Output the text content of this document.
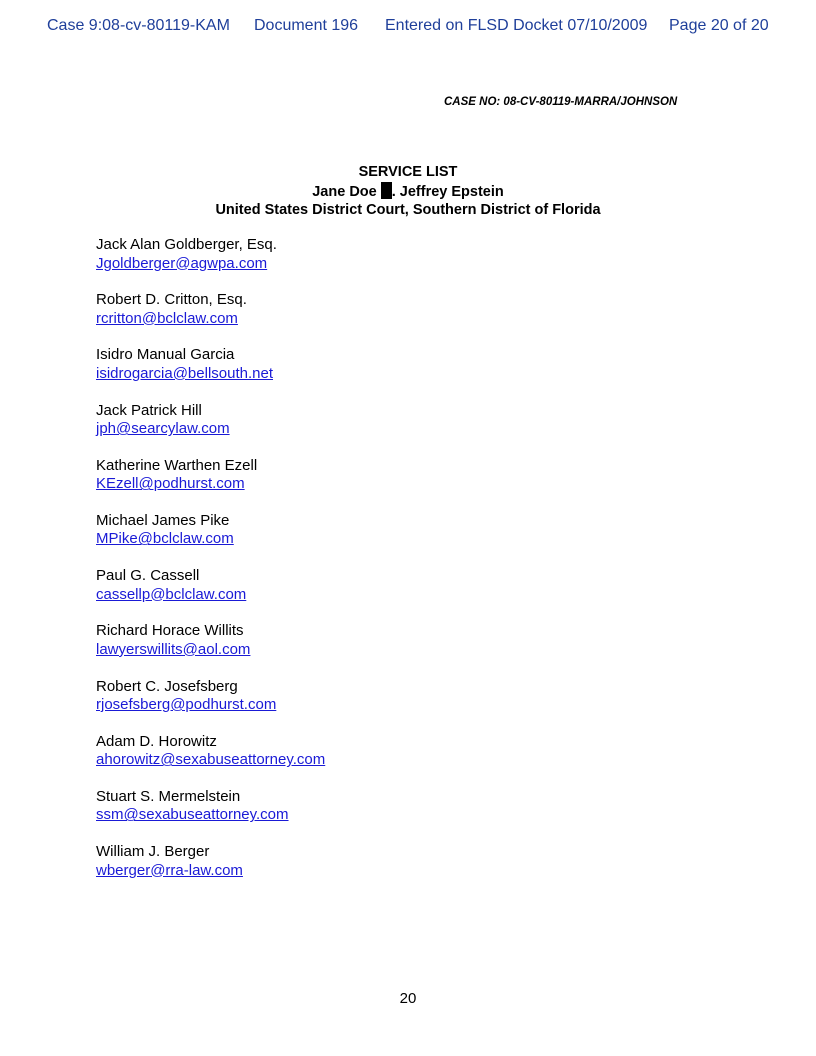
Case 9:08-cv-80119-KAM Document 196 Entered on FLSD Docket 07/10/2009 Page 20 of 20
CASE NO: 08-CV-80119-MARRA/JOHNSON
SERVICE LIST
Jane Doe . Jeffrey Epstein
United States District Court, Southern District of Florida
Jack Alan Goldberger, Esq.
Jgoldberger@agwpa.com
Robert D. Critton, Esq.
rcritton@bclclaw.com
Isidro Manual Garcia
isidrogarcia@bellsouth.net
Jack Patrick Hill
jph@searcylaw.com
Katherine Warthen Ezell
KEzell@podhurst.com
Michael James Pike
MPike@bclclaw.com
Paul G. Cassell
cassellp@bclclaw.com
Richard Horace Willits
lawyerswillits@aol.com
Robert C. Josefsberg
rjosefsberg@podhurst.com
Adam D. Horowitz
ahorowitz@sexabuseattorney.com
Stuart S. Mermelstein
ssm@sexabuseattorney.com
William J. Berger
wberger@rra-law.com
20
